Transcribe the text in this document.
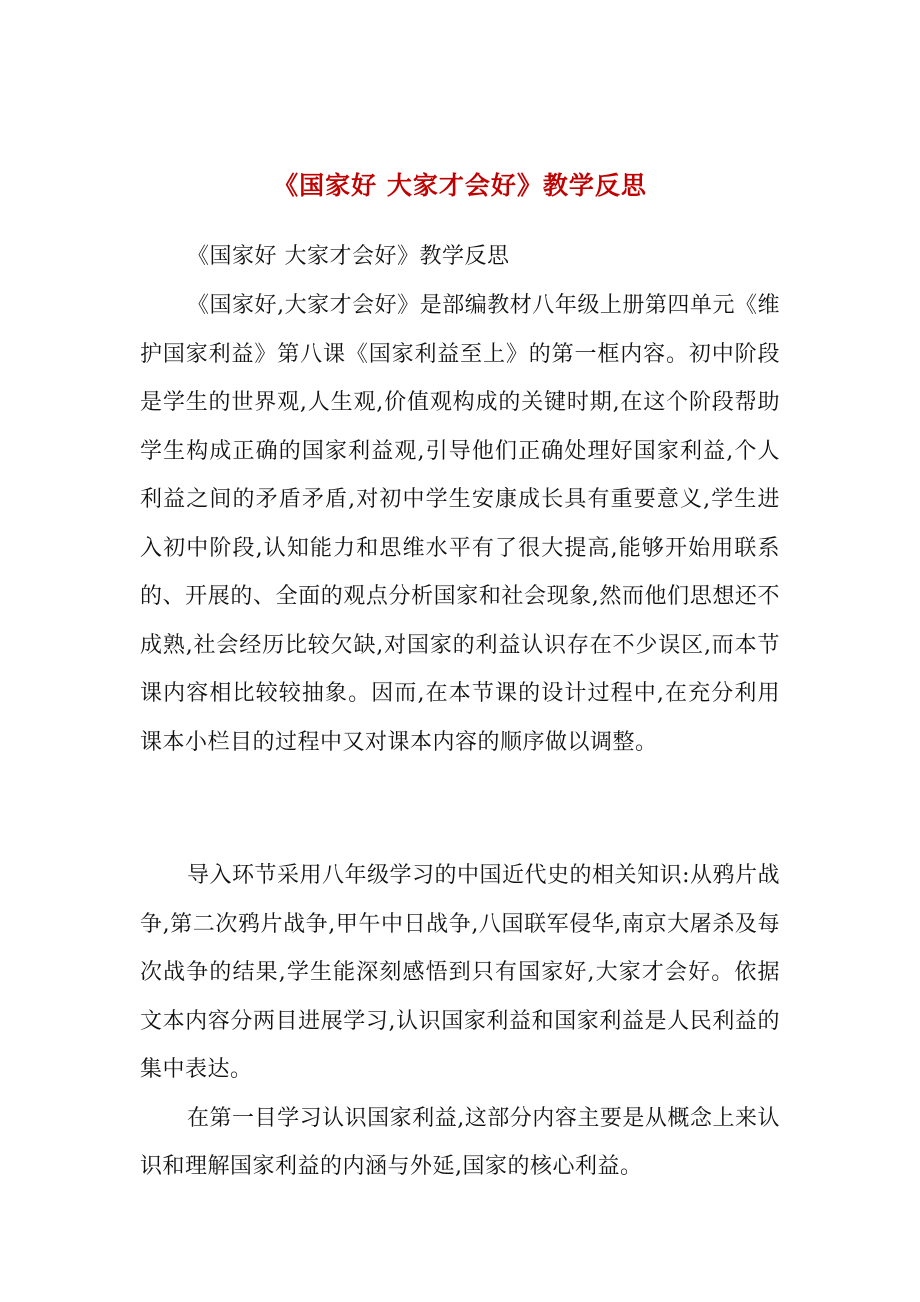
《国家好 大家才会好》教学反思

《国家好 大家才会好》教学反思

《国家好,大家才会好》是部编教材八年级上册第四单元《维护国家利益》第八课《国家利益至上》的第一框内容。初中阶段是学生的世界观,人生观,价值观构成的关键时期,在这个阶段帮助学生构成正确的国家利益观,引导他们正确处理好国家利益,个人利益之间的矛盾矛盾,对初中学生安康成长具有重要意义,学生进入初中阶段,认知能力和思维水平有了很大提高,能够开始用联系的、开展的、全面的观点分析国家和社会现象,然而他们思想还不成熟,社会经历比较欠缺,对国家的利益认识存在不少误区,而本节课内容相比较较抽象。因而,在本节课的设计过程中,在充分利用课本小栏目的过程中又对课本内容的顺序做以调整。

导入环节采用八年级学习的中国近代史的相关知识:从鸦片战争,第二次鸦片战争,甲午中日战争,八国联军侵华,南京大屠杀及每次战争的结果,学生能深刻感悟到只有国家好,大家才会好。依据文本内容分两目进展学习,认识国家利益和国家利益是人民利益的集中表达。

在第一目学习认识国家利益,这部分内容主要是从概念上来认识和理解国家利益的内涵与外延,国家的核心利益。
